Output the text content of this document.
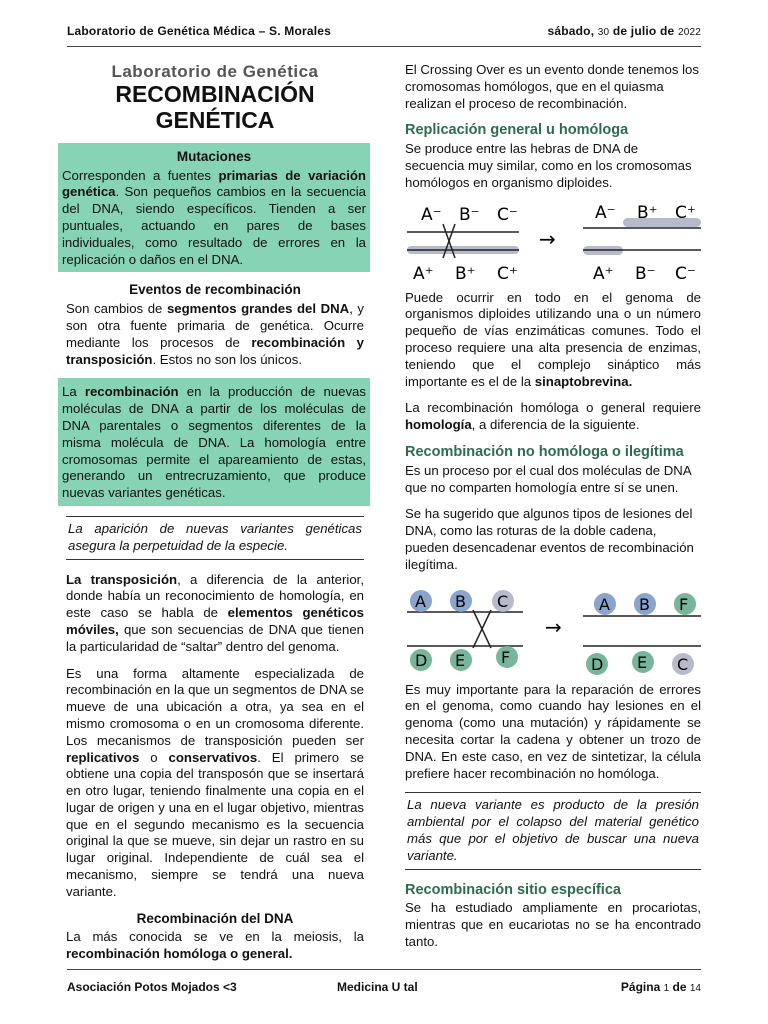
Laboratorio de Genética Médica – S. Morales	sábado, 30 de julio de 2022
Laboratorio de Genética
RECOMBINACIÓN
GENÉTICA
Mutaciones

Corresponden a fuentes primarias de variación genética. Son pequeños cambios en la secuencia del DNA, siendo específicos. Tienden a ser puntuales, actuando en pares de bases individuales, como resultado de errores en la replicación o daños en el DNA.

Eventos de recombinación

Son cambios de segmentos grandes del DNA, y son otra fuente primaria de genética. Ocurre mediante los procesos de recombinación y transposición. Estos no son los únicos.

La recombinación en la producción de nuevas moléculas de DNA a partir de los moléculas de DNA parentales o segmentos diferentes de la misma molécula de DNA. La homología entre cromosomas permite el apareamiento de estas, generando un entrecruzamiento, que produce nuevas variantes genéticas.

La aparición de nuevas variantes genéticas asegura la perpetuidad de la especie.

La transposición, a diferencia de la anterior, donde había un reconocimiento de homología, en este caso se habla de elementos genéticos móviles, que son secuencias de DNA que tienen la particularidad de “saltar” dentro del genoma.

Es una forma altamente especializada de recombinación en la que un segmentos de DNA se mueve de una ubicación a otra, ya sea en el mismo cromosoma o en un cromosoma diferente. Los mecanismos de transposición pueden ser replicativos o conservativos. El primero se obtiene una copia del transposón que se insertará en otro lugar, teniendo finalmente una copia en el lugar de origen y una en el lugar objetivo, mientras que en el segundo mecanismo es la secuencia original la que se mueve, sin dejar un rastro en su lugar original. Independiente de cuál sea el mecanismo, siempre se tendrá una nueva variante.

Recombinación del DNA

La más conocida se ve en la meiosis, la recombinación homóloga o general.

El Crossing Over es un evento donde tenemos los cromosomas homólogos, que en el quiasma realizan el proceso de recombinación.

Replicación general u homóloga

Se produce entre las hebras de DNA de secuencia muy similar, como en los cromosomas homólogos en organismo diploides.

A⁻ B⁻ C⁻
A⁺ B⁺ C⁺
→
A⁻ B⁺ C⁺
A⁺ B⁻ C⁻

Puede ocurrir en todo en el genoma de organismos diploides utilizando una o un número pequeño de vías enzimáticas comunes. Todo el proceso requiere una alta presencia de enzimas, teniendo que el complejo sináptico más importante es el de la sinaptobrevina.

La recombinación homóloga o general requiere homología, a diferencia de la siguiente.

Recombinación no homóloga o ilegítima

Es un proceso por el cual dos moléculas de DNA que no comparten homología entre sí se unen.

Se ha sugerido que algunos tipos de lesiones del DNA, como las roturas de la doble cadena, pueden desencadenar eventos de recombinación ilegítima.

A B C
D E F
→
A B F
D E C

Es muy importante para la reparación de errores en el genoma, como cuando hay lesiones en el genoma (como una mutación) y rápidamente se necesita cortar la cadena y obtener un trozo de DNA. En este caso, en vez de sintetizar, la célula prefiere hacer recombinación no homóloga.

La nueva variante es producto de la presión ambiental por el colapso del material genético más que por el objetivo de buscar una nueva variante.
Recombinación sitio específica

Se ha estudiado ampliamente en procariotas, mientras que en eucariotas no se ha encontrado tanto.

Asociación Potos Mojados <3	Medicina U tal	Página 1 de 14
